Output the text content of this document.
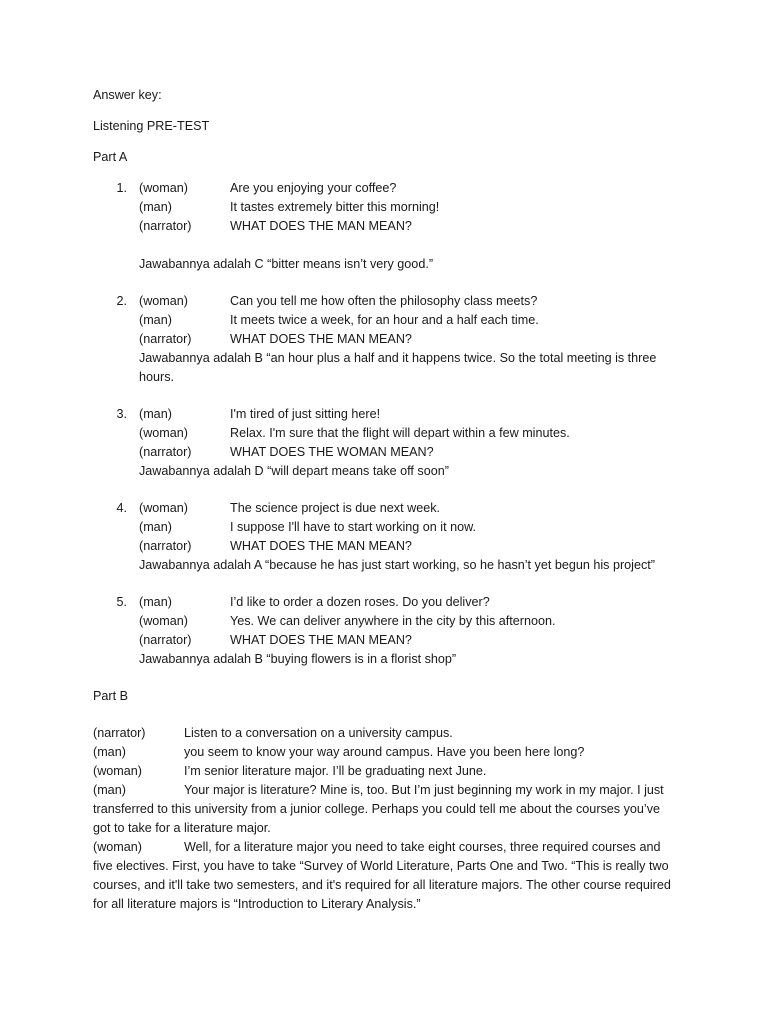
Answer key:
Listening PRE-TEST
Part A
1. (woman)	Are you enjoying your coffee?
(man)	It tastes extremely bitter this morning!
(narrator)	WHAT DOES THE MAN MEAN?
Jawabannya adalah C “bitter means isn’t very good.”
2. (woman)	Can you tell me how often the philosophy class meets?
(man)	It meets twice a week, for an hour and a half each time.
(narrator)	WHAT DOES THE MAN MEAN?
Jawabannya adalah B “an hour plus a half and it happens twice. So the total meeting is three hours.
3. (man)	I'm tired of just sitting here!
(woman)	Relax. I'm sure that the flight will depart within a few minutes.
(narrator)	WHAT DOES THE WOMAN MEAN?
Jawabannya adalah D “will depart means take off soon”
4. (woman)	The science project is due next week.
(man)	I suppose I'll have to start working on it now.
(narrator)	WHAT DOES THE MAN MEAN?
Jawabannya adalah A “because he has just start working, so he hasn’t yet begun his project”
5. (man)	I’d like to order a dozen roses. Do you deliver?
(woman)	Yes. We can deliver anywhere in the city by this afternoon.
(narrator)	WHAT DOES THE MAN MEAN?
Jawabannya adalah B “buying flowers is in a florist shop”
Part B
(narrator)	Listen to a conversation on a university campus.
(man)	you seem to know your way around campus. Have you been here long?
(woman)	I’m senior literature major. I’ll be graduating next June.
(man)	Your major is literature? Mine is, too. But I’m just beginning my work in my major. I just transferred to this university from a junior college. Perhaps you could tell me about the courses you’ve got to take for a literature major.
(woman)	Well, for a literature major you need to take eight courses, three required courses and five electives. First, you have to take “Survey of World Literature, Parts One and Two. “This is really two courses, and it'll take two semesters, and it's required for all literature majors. The other course required for all literature majors is “Introduction to Literary Analysis.”
